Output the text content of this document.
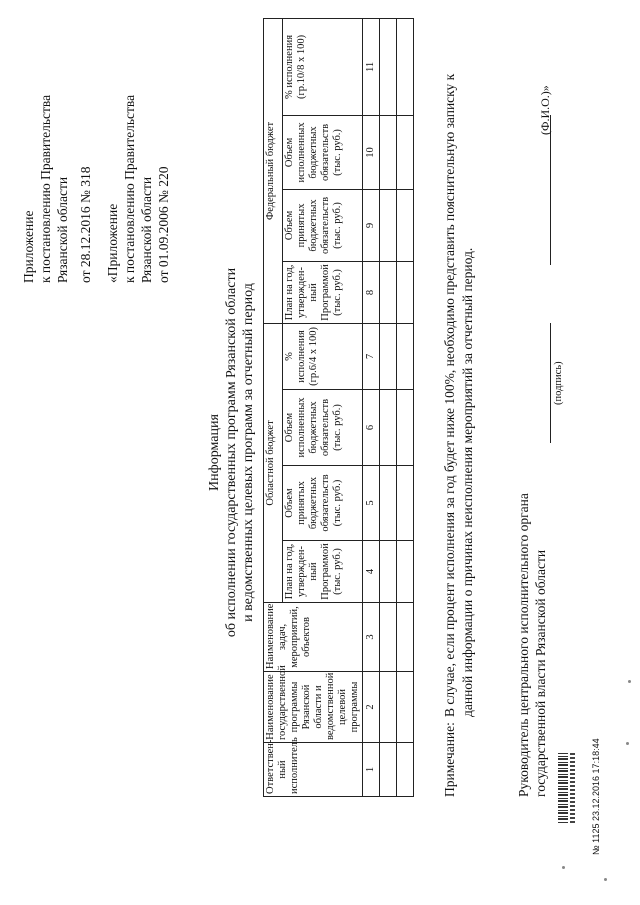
Приложение к постановлению Правительства Рязанской области от 28.12.2016 № 318 «Приложение к постановлению Правительства Рязанской области от 01.09.2006 № 220
Информация об исполнении государственных программ Рязанской области и ведомственных целевых программ за отчетный период
Ответствен-ный исполнитель	Наименование государственной программы Рязанской области и ведомственной целевой программы	Наименование задач, мероприятий, объектов	Областной бюджет				Федеральный бюджет			
			План на год, утвержден-ный Программой (тыс. руб.)	Объем принятых бюджетных обязательств (тыс. руб.)	Объем исполненных бюджетных обязательств (тыс. руб.)	% исполнения (гр.6/4 х 100)	План на год, утвержден-ный Программой (тыс. руб.)	Объем принятых бюджетных обязательств (тыс. руб.)	Объем исполненных бюджетных обязательств (тыс. руб.)	% исполнения (гр.10/8 х 100)
1	2	3	4	5	6	7	8	9	10	11

Примечание:
В случае, если процент исполнения за год будет ниже 100%, необходимо представить пояснительную записку к данной информации о причинах неисполнения мероприятий за отчетный период.	Руководитель центрального исполнительного органа государственной власти Рязанской области
(подпись)
(Ф.И.О.)»
№ 1125 23.12.2016 17:18:44
